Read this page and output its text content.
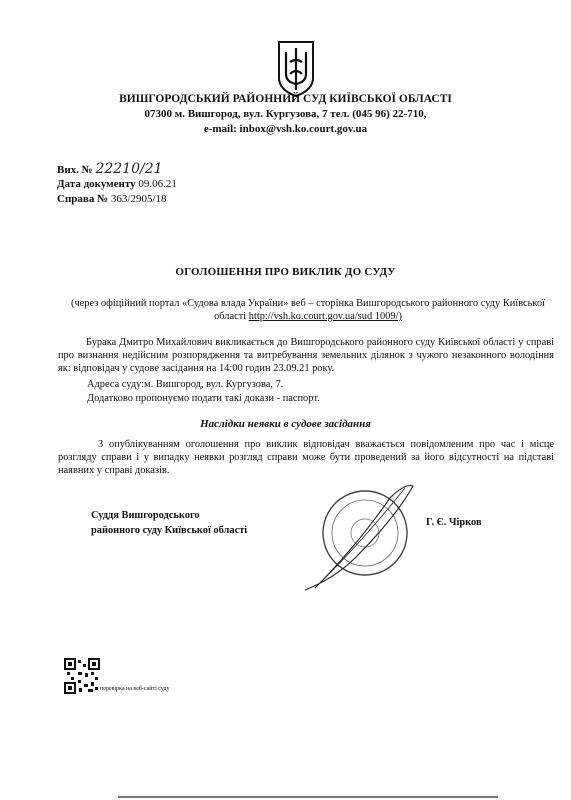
ВИШГОРОДСЬКИЙ РАЙОННИЙ СУД КИЇВСЬКОЇ ОБЛАСТІ
07300 м. Вишгород, вул. Кургузова, 7 тел. (045 96) 22-710,
e-mail: inbox@vsh.ko.court.gov.ua
Вих. № 22210/21
Дата документу 09.06.21
Справа № 363/2905/18
ОГОЛОШЕННЯ ПРО ВИКЛИК ДО СУДУ
(через офіційний портал «Судова влада України» веб – сторінка Вишгородського районного суду Київської області http://vsh.ko.court.gov.ua/sud 1009/)
Бурака Дмитро Михайлович викликається до Вишгородського районного суду Київської області у справі про визнання недійсним розпорядження та витребування земельних ділянок з чужого незаконного володіння як: відповідач у судове засідання на 14:00 годин 23.09.21 року.
Адреса суду:м. Вишгород, вул. Кургузова, 7.
Додатково пропонуємо подати такі докази - паспорт.
Наслідки неявки в судове засідання
З опублікуванням оголошення про виклик відповідач вважається повідомленим про час і місце розгляду справи і у випадку неявки розгляд справи може бути проведений за його відсутності на підставі наявних у справі доказів.
Суддя Вишгородського
районного суду Київської області
Г. Є. Чірков
перевірка на веб-сайті суду
